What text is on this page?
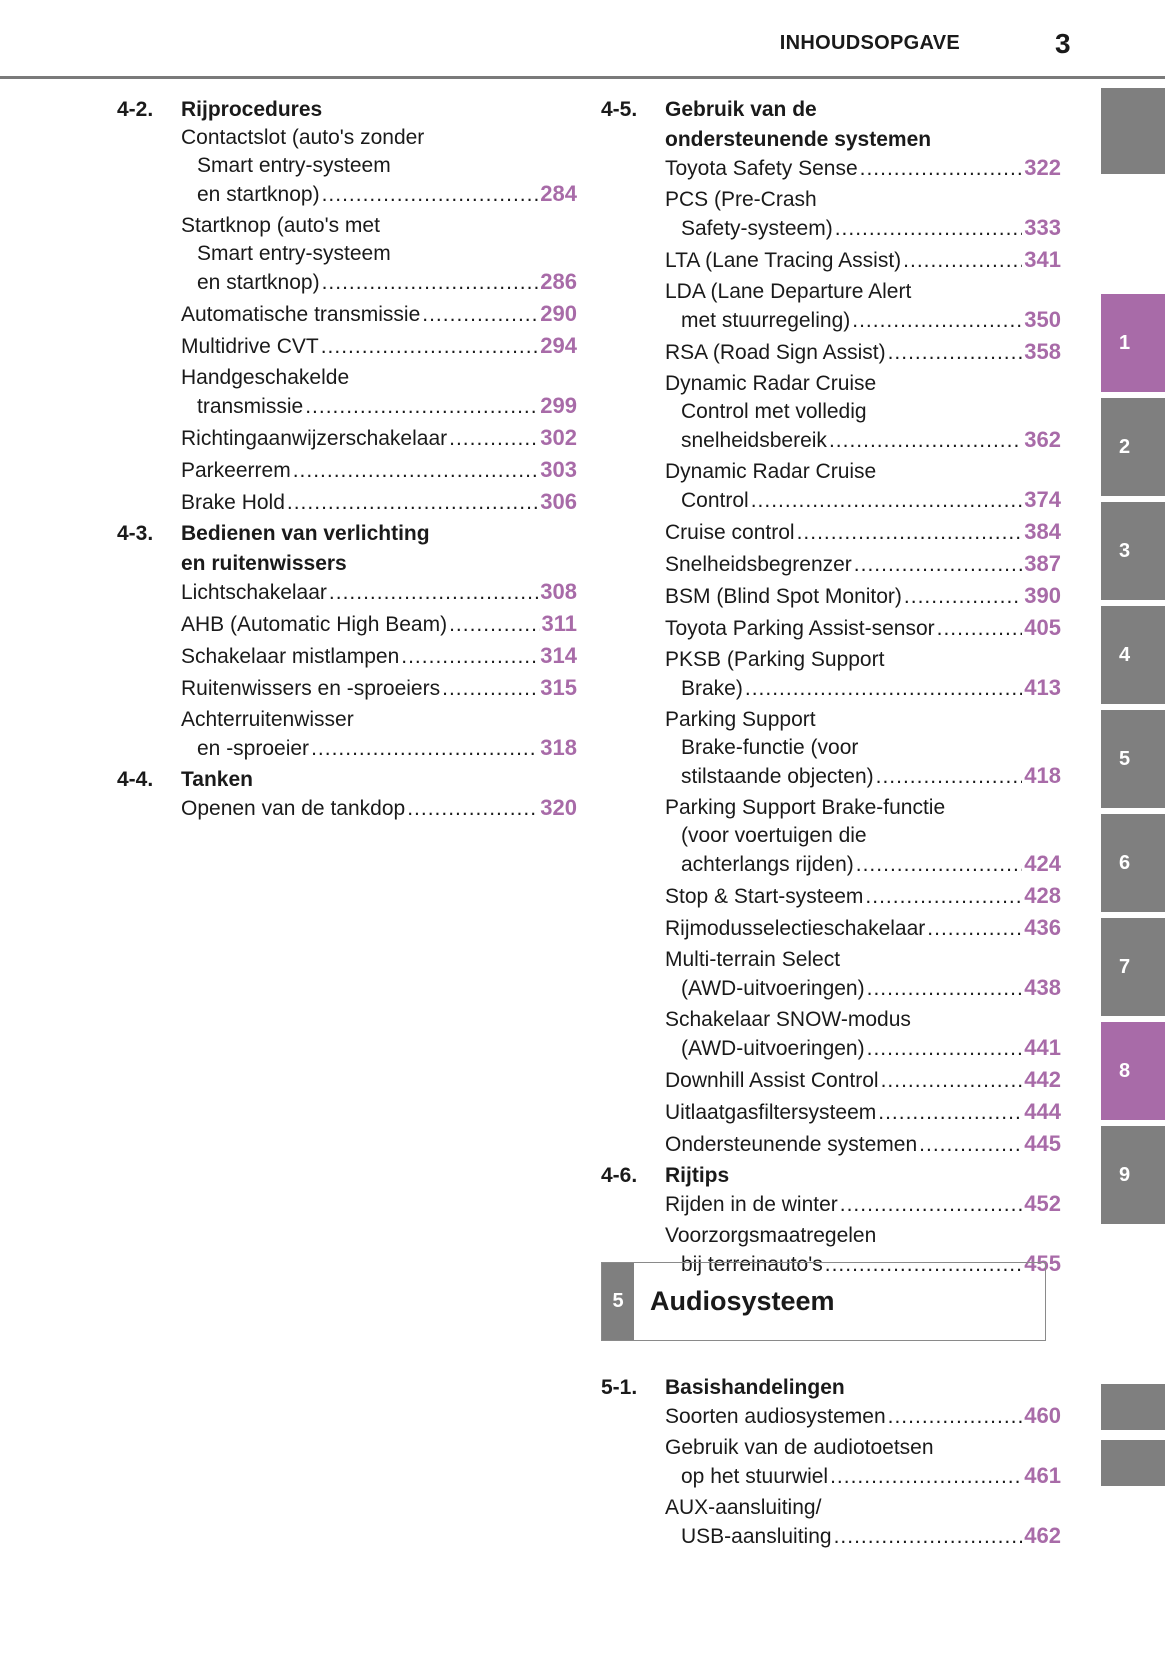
INHOUDSOPGAVE	3
4-2.	Rijprocedures
Contactslot (auto's zonder
Smart entry-systeem
en startknop) .....	284
Startknop (auto's met
Smart entry-systeem
en startknop) .....	286
Automatische transmissie .....	290
Multidrive CVT .....	294
Handgeschakelde
transmissie .....	299
Richtingaanwijzerschakelaar .....	302
Parkeerrem .....	303
Brake Hold .....	306
4-3.	Bedienen van verlichting
en ruitenwissers
Lichtschakelaar .....	308
AHB (Automatic High Beam) .....	311
Schakelaar mistlampen .....	314
Ruitenwissers en -sproeiers .....	315
Achterruitenwisser
en -sproeier .....	318
4-4.	Tanken
Openen van de tankdop .....	320
4-5.	Gebruik van de
ondersteunende systemen
Toyota Safety Sense .....	322
PCS (Pre-Crash
Safety-systeem) .....	333
LTA (Lane Tracing Assist) .....	341
LDA (Lane Departure Alert
met stuurregeling) .....	350
RSA (Road Sign Assist) .....	358
Dynamic Radar Cruise
Control met volledig
snelheidsbereik .....	362
Dynamic Radar Cruise
Control .....	374
Cruise control .....	384
Snelheidsbegrenzer .....	387
BSM (Blind Spot Monitor) .....	390
Toyota Parking Assist-sensor .....	405
PKSB (Parking Support
Brake) .....	413
Parking Support
Brake-functie (voor
stilstaande objecten) .....	418
Parking Support Brake-functie
(voor voertuigen die
achterlangs rijden) .....	424
Stop & Start-systeem .....	428
Rijmodusselectieschakelaar .....	436
Multi-terrain Select
(AWD-uitvoeringen) .....	438
Schakelaar SNOW-modus
(AWD-uitvoeringen) .....	441
Downhill Assist Control .....	442
Uitlaatgasfiltersysteem .....	444
Ondersteunende systemen .....	445
4-6.	Rijtips
Rijden in de winter .....	452
Voorzorgsmaatregelen
bij terreinauto's .....	455
5 Audiosysteem
5-1.	Basishandelingen
Soorten audiosystemen .....	460
Gebruik van de audiotoetsen
op het stuurwiel .....	461
AUX-aansluiting/
USB-aansluiting .....	462
1
2
3
4
5
6
7
8
9
